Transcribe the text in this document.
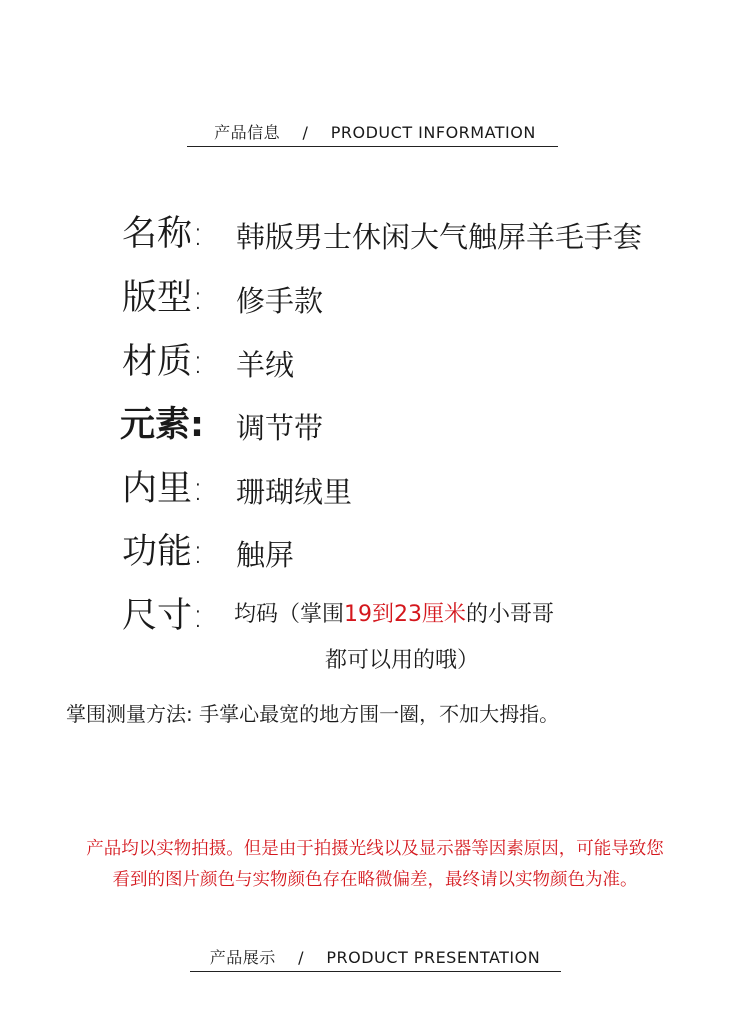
产品信息 / PRODUCT INFORMATION
名称: 韩版男士休闲大气触屏羊毛手套
版型: 修手款
材质: 羊绒
元素: 调节带
内里: 珊瑚绒里
功能: 触屏
尺寸: 均码（掌围19到23厘米的小哥哥
都可以用的哦）
掌围测量方法: 手掌心最宽的地方围一圈，不加大拇指。
产品均以实物拍摄。但是由于拍摄光线以及显示器等因素原因，可能导致您
看到的图片颜色与实物颜色存在略微偏差，最终请以实物颜色为准。
产品展示 / PRODUCT PRESENTATION
